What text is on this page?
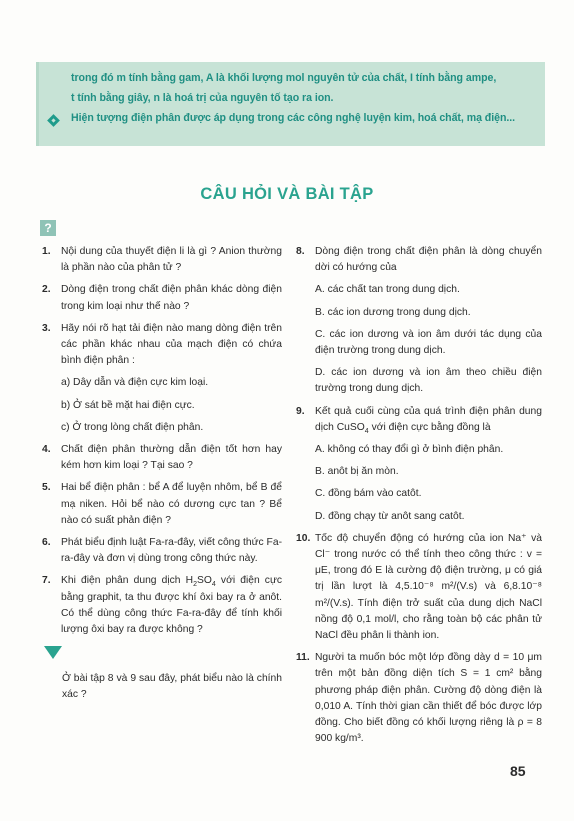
trong đó m tính bằng gam, A là khối lượng mol nguyên tử của chất, I tính bằng ampe,
t tính bằng giây, n là hoá trị của nguyên tố tạo ra ion.
Hiện tượng điện phân được áp dụng trong các công nghệ luyện kim, hoá chất, mạ điện...
CÂU HỎI VÀ BÀI TẬP
?
1. Nội dung của thuyết điện li là gì ? Anion thường là phần nào của phân tử ?
2. Dòng điện trong chất điện phân khác dòng điện trong kim loại như thế nào ?
3. Hãy nói rõ hạt tải điện nào mang dòng điện trên các phần khác nhau của mạch điện có chứa bình điện phân :
a) Dây dẫn và điện cực kim loại.
b) Ở sát bề mặt hai điện cực.
c) Ở trong lòng chất điện phân.
4. Chất điện phân thường dẫn điện tốt hơn hay kém hơn kim loại ? Tại sao ?
5. Hai bể điện phân : bể A để luyện nhôm, bể B để mạ niken. Hỏi bể nào có dương cực tan ? Bể nào có suất phản điện ?
6. Phát biểu định luật Fa-ra-đây, viết công thức Fa-ra-đây và đơn vị dùng trong công thức này.
7. Khi điện phân dung dịch $H_2SO_4$ với điện cực bằng graphit, ta thu được khí ôxi bay ra ở anôt. Có thể dùng công thức Fa-ra-đây để tính khối lượng ôxi bay ra được không ?
Ở bài tập 8 và 9 sau đây, phát biểu nào là chính xác ?
8. Dòng điện trong chất điện phân là dòng chuyển dời có hướng của
A. các chất tan trong dung dịch.
B. các ion dương trong dung dịch.
C. các ion dương và ion âm dưới tác dụng của điện trường trong dung dịch.
D. các ion dương và ion âm theo chiều điện trường trong dung dịch.
9. Kết quả cuối cùng của quá trình điện phân dung dịch CuSO$_4$ với điện cực bằng đồng là
A. không có thay đổi gì ở bình điện phân.
B. anôt bị ăn mòn.
C. đồng bám vào catôt.
D. đồng chạy từ anôt sang catôt.
10. Tốc độ chuyển động có hướng của ion Na⁺ và Cl⁻ trong nước có thể tính theo công thức : v = μE, trong đó E là cường độ điện trường, μ có giá trị lần lượt là 4,5.10⁻⁸ m²/(V.s) và 6,8.10⁻⁸ m²/(V.s). Tính điện trở suất của dung dịch NaCl nồng độ 0,1 mol/l, cho rằng toàn bộ các phân tử NaCl đều phân li thành ion.
11. Người ta muốn bóc một lớp đồng dày d = 10 μm trên một bản đồng diện tích S = 1 cm² bằng phương pháp điện phân. Cường độ dòng điện là 0,010 A. Tính thời gian cần thiết để bóc được lớp đồng. Cho biết đồng có khối lượng riêng là ρ = 8 900 kg/m³.
85
